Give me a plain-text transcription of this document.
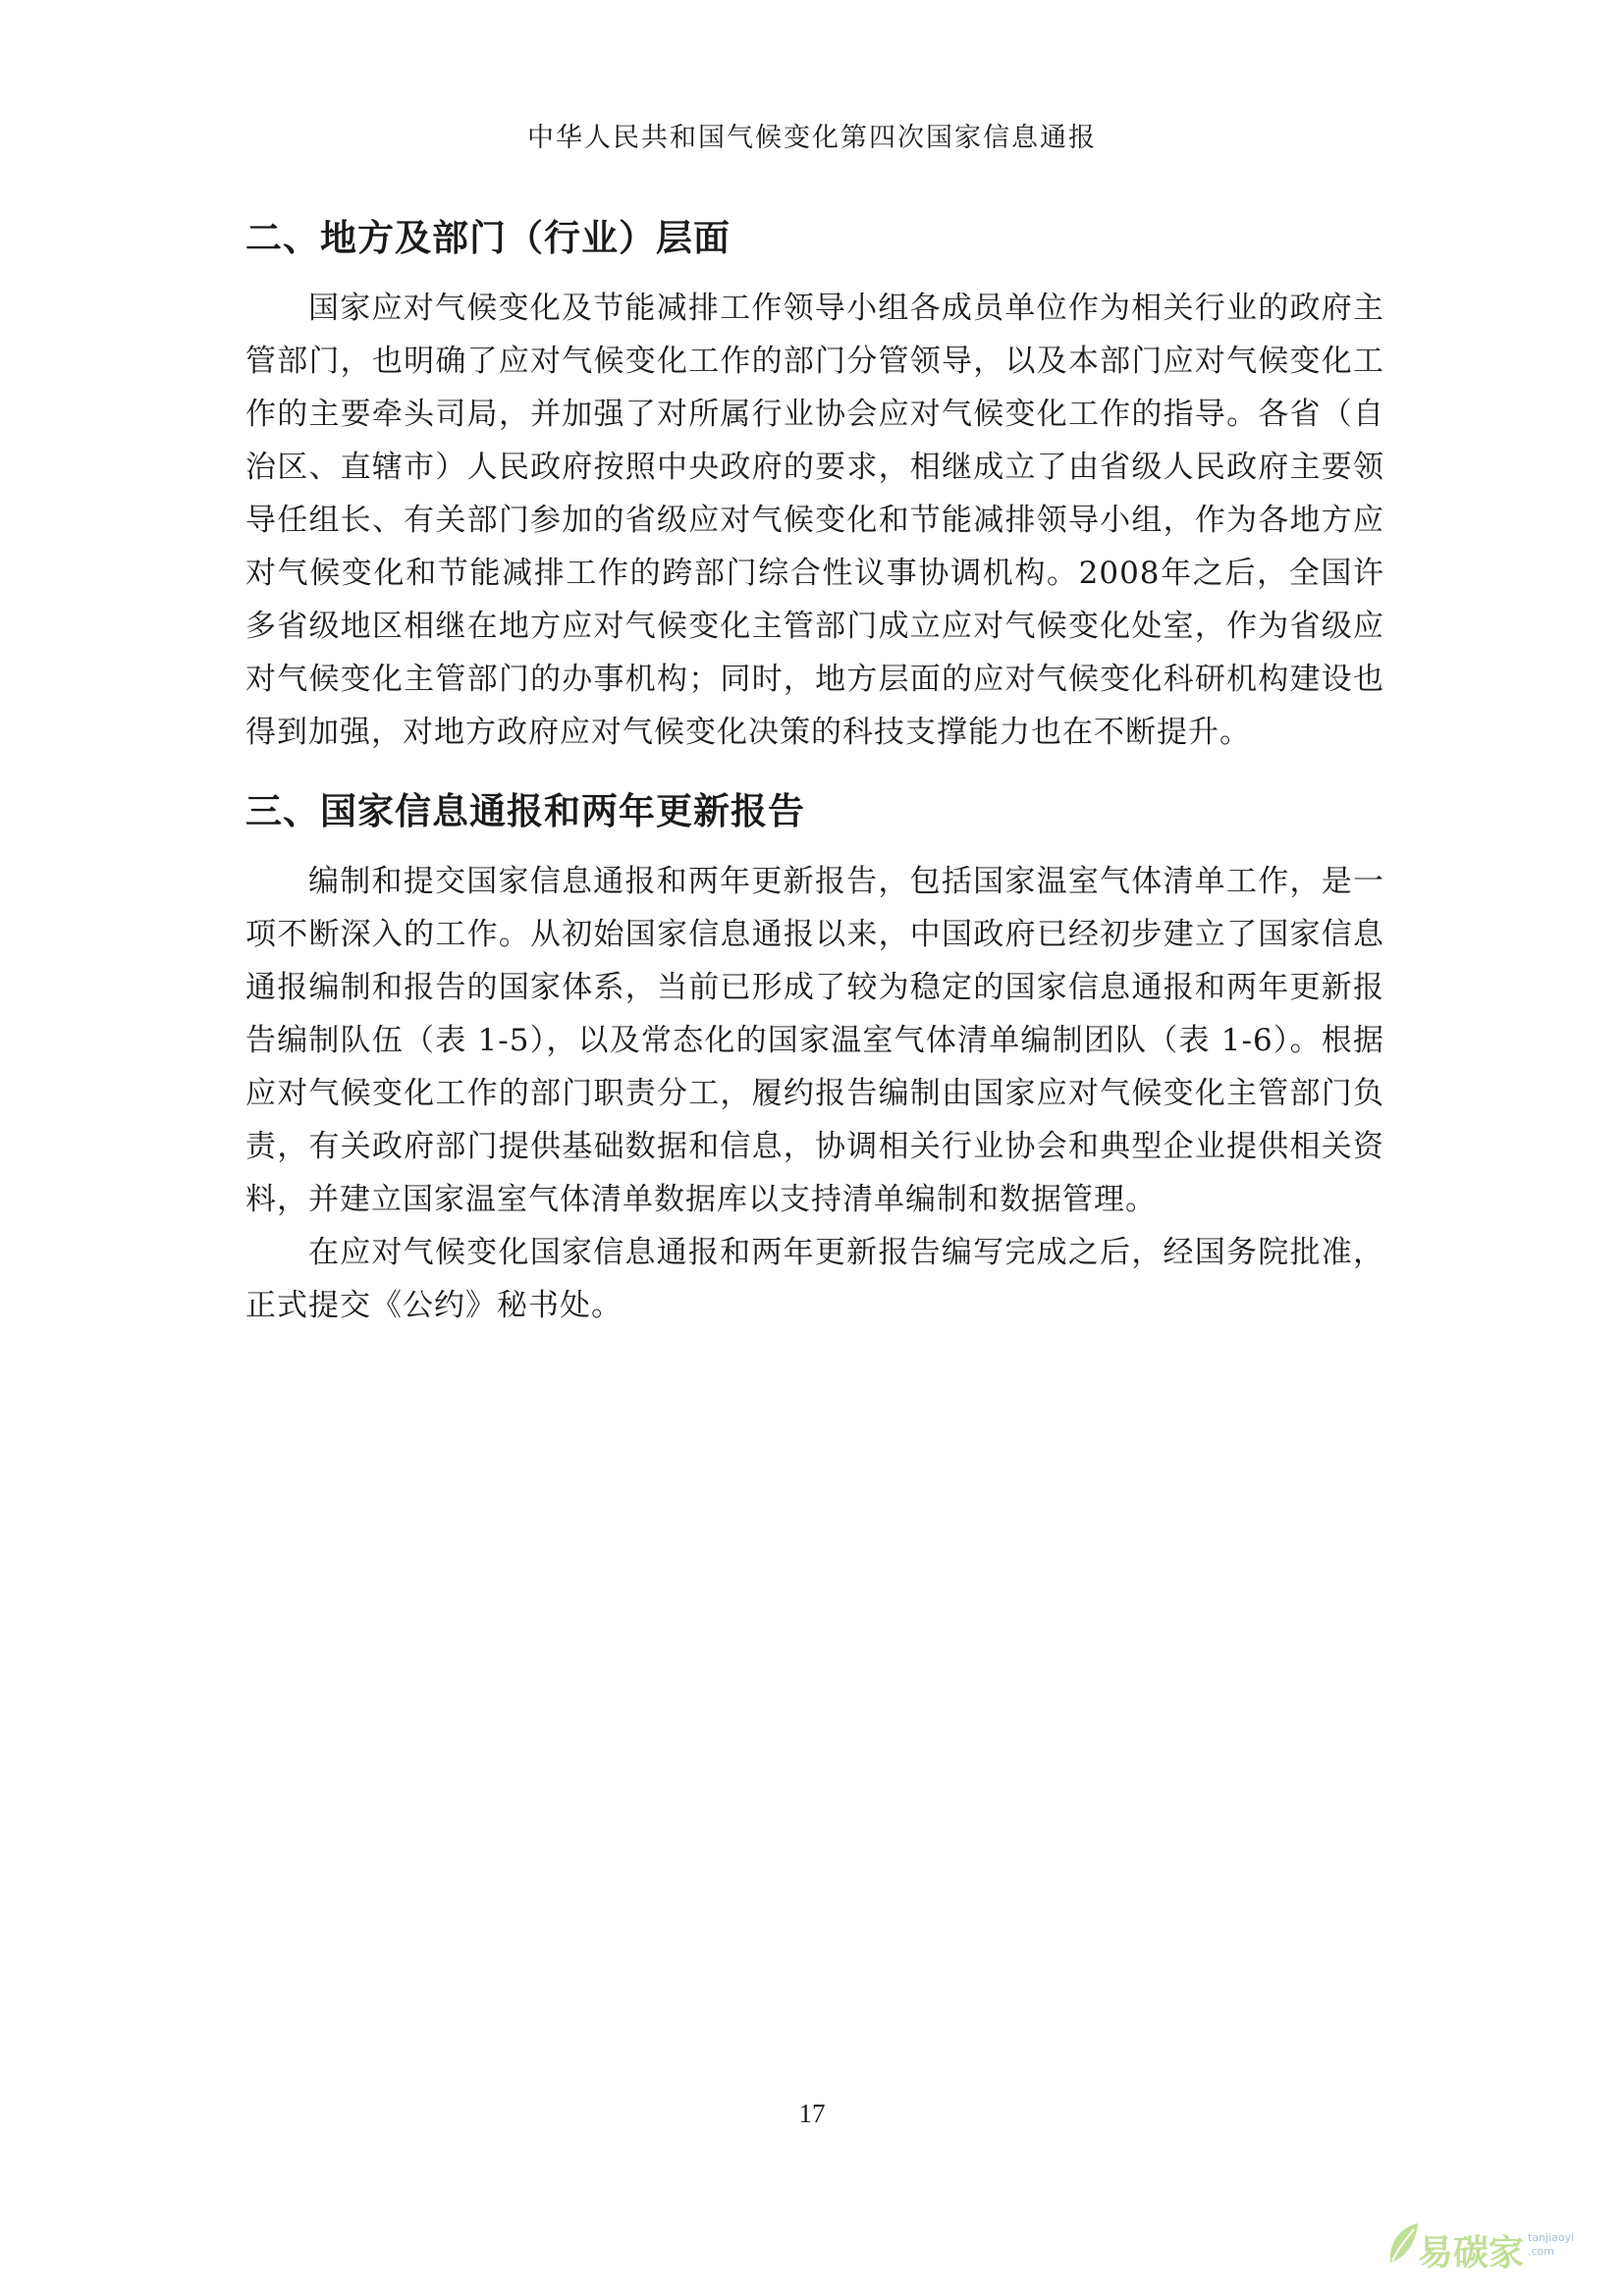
中华人民共和国气候变化第四次国家信息通报
二、地方及部门（行业）层面

国家应对气候变化及节能减排工作领导小组各成员单位作为相关行业的政府主管部门，也明确了应对气候变化工作的部门分管领导，以及本部门应对气候变化工作的主要牵头司局，并加强了对所属行业协会应对气候变化工作的指导。各省（自治区、直辖市）人民政府按照中央政府的要求，相继成立了由省级人民政府主要领导任组长、有关部门参加的省级应对气候变化和节能减排领导小组，作为各地方应对气候变化和节能减排工作的跨部门综合性议事协调机构。2008年之后，全国许多省级地区相继在地方应对气候变化主管部门成立应对气候变化处室，作为省级应对气候变化主管部门的办事机构；同时，地方层面的应对气候变化科研机构建设也得到加强，对地方政府应对气候变化决策的科技支撑能力也在不断提升。

三、国家信息通报和两年更新报告

编制和提交国家信息通报和两年更新报告，包括国家温室气体清单工作，是一项不断深入的工作。从初始国家信息通报以来，中国政府已经初步建立了国家信息通报编制和报告的国家体系，当前已形成了较为稳定的国家信息通报和两年更新报告编制队伍（表 1-5），以及常态化的国家温室气体清单编制团队（表 1-6）。根据应对气候变化工作的部门职责分工，履约报告编制由国家应对气候变化主管部门负责，有关政府部门提供基础数据和信息，协调相关行业协会和典型企业提供相关资料，并建立国家温室气体清单数据库以支持清单编制和数据管理。

在应对气候变化国家信息通报和两年更新报告编写完成之后，经国务院批准，正式提交《公约》秘书处。

17
易碳家 tanjiaoyi
.com
